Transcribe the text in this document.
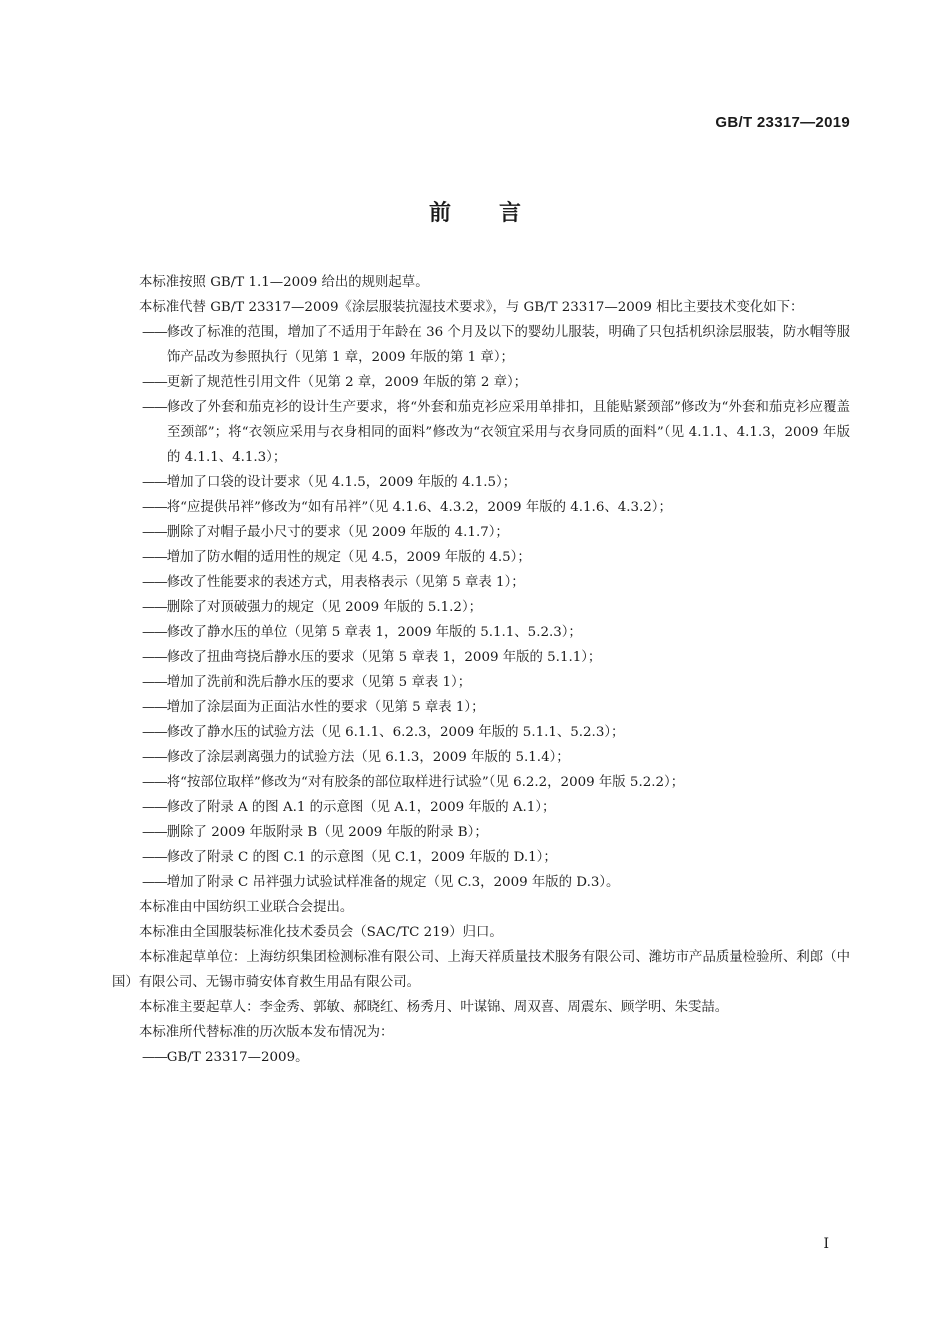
GB/T 23317—2019

前言

本标准按照 GB/T 1.1—2009 给出的规则起草。

本标准代替 GB/T 23317—2009《涂层服装抗湿技术要求》，与 GB/T 23317—2009 相比主要技术变化如下：

——修改了标准的范围，增加了不适用于年龄在 36 个月及以下的婴幼儿服装，明确了只包括机织涂层服装，防水帽等服饰产品改为参照执行（见第 1 章，2009 年版的第 1 章）；

——更新了规范性引用文件（见第 2 章，2009 年版的第 2 章）；

——修改了外套和茄克衫的设计生产要求，将“外套和茄克衫应采用单排扣，且能贴紧颈部”修改为“外套和茄克衫应覆盖至颈部”；将“衣领应采用与衣身相同的面料”修改为“衣领宜采用与衣身同质的面料”（见 4.1.1、4.1.3，2009 年版的 4.1.1、4.1.3）；

——增加了口袋的设计要求（见 4.1.5，2009 年版的 4.1.5）；

——将“应提供吊袢”修改为“如有吊袢”（见 4.1.6、4.3.2，2009 年版的 4.1.6、4.3.2）；

——删除了对帽子最小尺寸的要求（见 2009 年版的 4.1.7）；

——增加了防水帽的适用性的规定（见 4.5，2009 年版的 4.5）；

——修改了性能要求的表述方式，用表格表示（见第 5 章表 1）；

——删除了对顶破强力的规定（见 2009 年版的 5.1.2）；

——修改了静水压的单位（见第 5 章表 1，2009 年版的 5.1.1、5.2.3）；

——修改了扭曲弯挠后静水压的要求（见第 5 章表 1，2009 年版的 5.1.1）；

——增加了洗前和洗后静水压的要求（见第 5 章表 1）；

——增加了涂层面为正面沾水性的要求（见第 5 章表 1）；

——修改了静水压的试验方法（见 6.1.1、6.2.3，2009 年版的 5.1.1、5.2.3）；

——修改了涂层剥离强力的试验方法（见 6.1.3，2009 年版的 5.1.4）；

——将“按部位取样”修改为“对有胶条的部位取样进行试验”（见 6.2.2，2009 年版 5.2.2）；

——修改了附录 A 的图 A.1 的示意图（见 A.1，2009 年版的 A.1）；

——删除了 2009 年版附录 B（见 2009 年版的附录 B）；

——修改了附录 C 的图 C.1 的示意图（见 C.1，2009 年版的 D.1）；

——增加了附录 C 吊袢强力试验试样准备的规定（见 C.3，2009 年版的 D.3）。

本标准由中国纺织工业联合会提出。

本标准由全国服装标准化技术委员会（SAC/TC 219）归口。

本标准起草单位：上海纺织集团检测标准有限公司、上海天祥质量技术服务有限公司、潍坊市产品质量检验所、利郎（中国）有限公司、无锡市骑安体育救生用品有限公司。

本标准主要起草人：李金秀、郭敏、郝晓红、杨秀月、叶谋锦、周双喜、周震东、顾学明、朱雯喆。

本标准所代替标准的历次版本发布情况为：

——GB/T 23317—2009。

I
